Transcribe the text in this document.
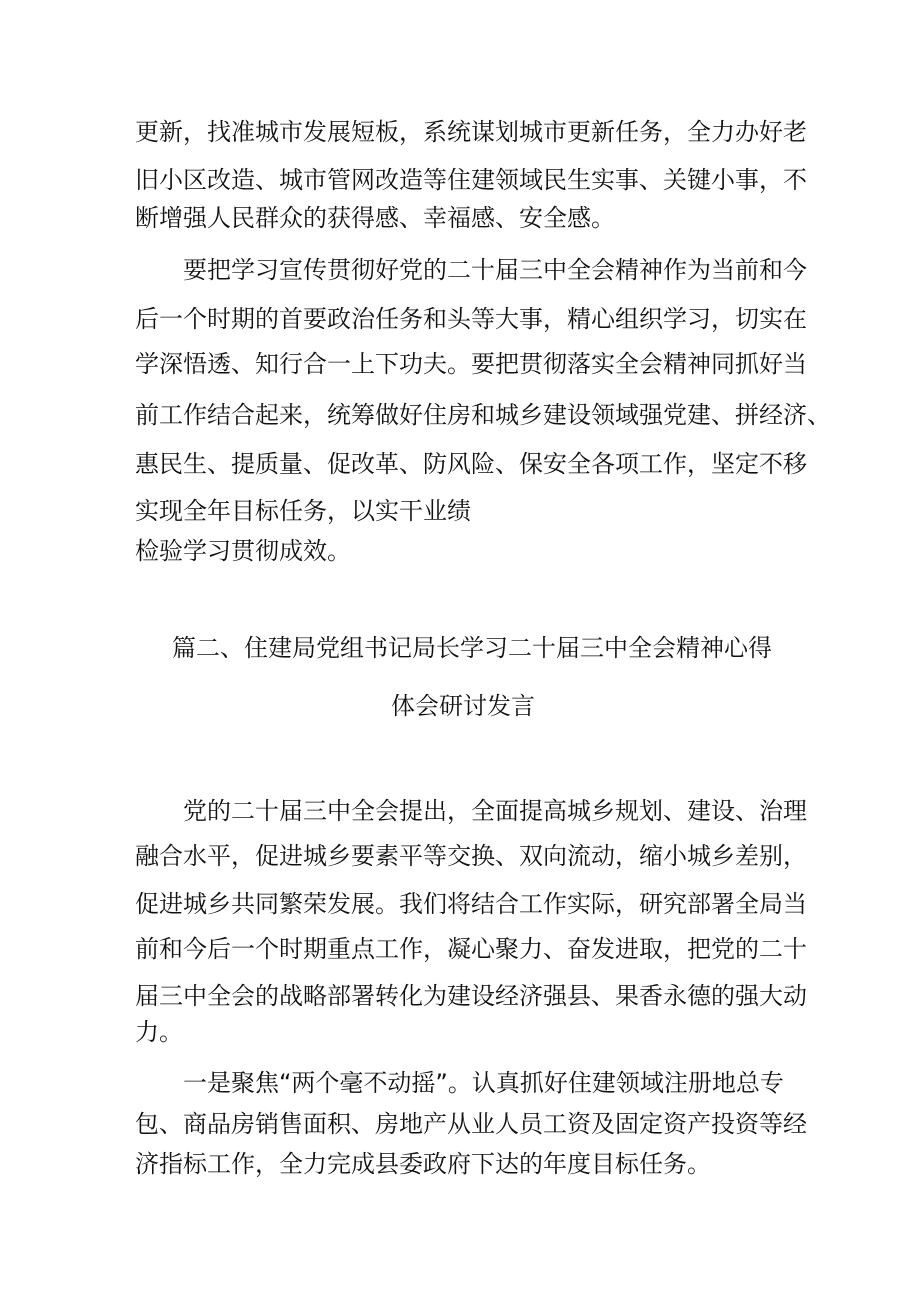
更新，找准城市发展短板，系统谋划城市更新任务，全力办好老
旧小区改造、城市管网改造等住建领域民生实事、关键小事，不
断增强人民群众的获得感、幸福感、安全感。
要把学习宣传贯彻好党的二十届三中全会精神作为当前和今
后一个时期的首要政治任务和头等大事，精心组织学习，切实在
学深悟透、知行合一上下功夫。要把贯彻落实全会精神同抓好当
前工作结合起来，统筹做好住房和城乡建设领域强党建、拼经济、
惠民生、提质量、促改革、防风险、保安全各项工作，坚定不移
实现全年目标任务，以实干业绩
检验学习贯彻成效。
篇二、住建局党组书记局长学习二十届三中全会精神心得
体会研讨发言
党的二十届三中全会提出，全面提高城乡规划、建设、治理
融合水平，促进城乡要素平等交换、双向流动，缩小城乡差别，
促进城乡共同繁荣发展。我们将结合工作实际，研究部署全局当
前和今后一个时期重点工作，凝心聚力、奋发进取，把党的二十
届三中全会的战略部署转化为建设经济强县、果香永德的强大动
力。
一是聚焦“两个毫不动摇”。认真抓好住建领域注册地总专
包、商品房销售面积、房地产从业人员工资及固定资产投资等经
济指标工作，全力完成县委政府下达的年度目标任务。
